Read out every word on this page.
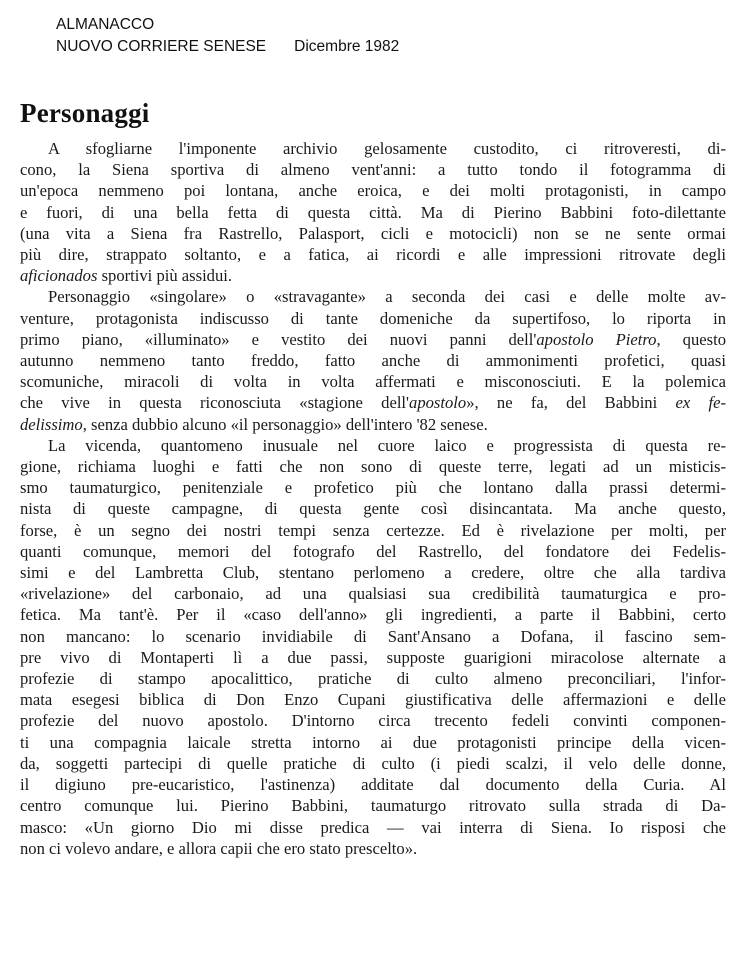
ALMANACCO
NUOVO CORRIERE SENESE Dicembre 1982
Personaggi

A sfogliarne l'imponente archivio gelosamente custodito, ci ritroveresti, di-
cono, la Siena sportiva di almeno vent'anni: a tutto tondo il fotogramma di
un'epoca nemmeno poi lontana, anche eroica, e dei molti protagonisti, in campo
e fuori, di una bella fetta di questa città. Ma di Pierino Babbini foto-dilettante
(una vita a Siena fra Rastrello, Palasport, cicli e motocicli) non se ne sente ormai
più dire, strappato soltanto, e a fatica, ai ricordi e alle impressioni ritrovate degli
aficionados sportivi più assidui.

Personaggio «singolare» o «stravagante» a seconda dei casi e delle molte av-
venture, protagonista indiscusso di tante domeniche da supertifoso, lo riporta in
primo piano, «illuminato» e vestito dei nuovi panni dell'apostolo Pietro, questo
autunno nemmeno tanto freddo, fatto anche di ammonimenti profetici, quasi
scomuniche, miracoli di volta in volta affermati e misconosciuti. E la polemica
che vive in questa riconosciuta «stagione dell'apostolo», ne fa, del Babbini ex fe-
delissimo, senza dubbio alcuno «il personaggio» dell'intero '82 senese.

La vicenda, quantomeno inusuale nel cuore laico e progressista di questa re-
gione, richiama luoghi e fatti che non sono di queste terre, legati ad un misticis-
smo taumaturgico, penitenziale e profetico più che lontano dalla prassi determi-
nista di queste campagne, di questa gente così disincantata. Ma anche questo,
forse, è un segno dei nostri tempi senza certezze. Ed è rivelazione per molti, per
quanti comunque, memori del fotografo del Rastrello, del fondatore dei Fedelis-
simi e del Lambretta Club, stentano perlomeno a credere, oltre che alla tardiva
«rivelazione» del carbonaio, ad una qualsiasi sua credibilità taumaturgica e pro-
fetica. Ma tant'è. Per il «caso dell'anno» gli ingredienti, a parte il Babbini, certo
non mancano: lo scenario invidiabile di Sant'Ansano a Dofana, il fascino sem-
pre vivo di Montaperti lì a due passi, supposte guarigioni miracolose alternate a
profezie di stampo apocalittico, pratiche di culto almeno preconciliari, l'infor-
mata esegesi biblica di Don Enzo Cupani giustificativa delle affermazioni e delle
profezie del nuovo apostolo. D'intorno circa trecento fedeli convinti componen-
ti una compagnia laicale stretta intorno ai due protagonisti principe della vicen-
da, soggetti partecipi di quelle pratiche di culto (i piedi scalzi, il velo delle donne,
il digiuno pre-eucaristico, l'astinenza) additate dal documento della Curia. Al
centro comunque lui. Pierino Babbini, taumaturgo ritrovato sulla strada di Da-
masco: «Un giorno Dio mi disse predica — vai interra di Siena. Io risposi che
non ci volevo andare, e allora capii che ero stato prescelto».
